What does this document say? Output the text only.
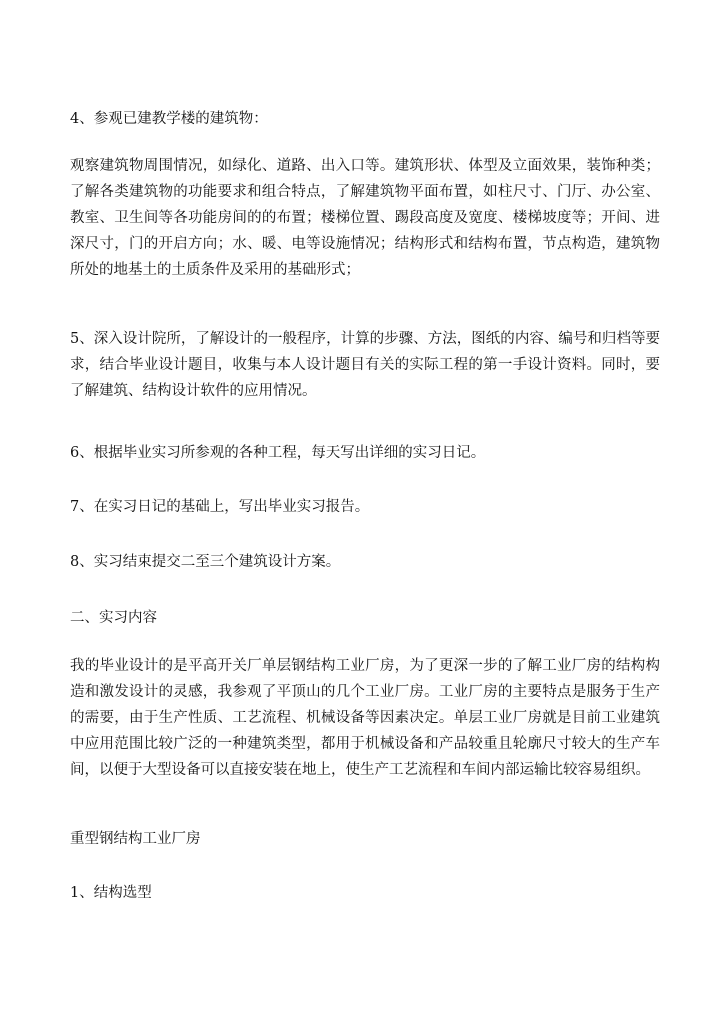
4、参观已建教学楼的建筑物：

观察建筑物周围情况，如绿化、道路、出入口等。建筑形状、体型及立面效果，装饰种类；了解各类建筑物的功能要求和组合特点，了解建筑物平面布置，如柱尺寸、门厅、办公室、教室、卫生间等各功能房间的的布置；楼梯位置、踢段高度及宽度、楼梯坡度等；开间、进深尺寸，门的开启方向；水、暖、电等设施情况；结构形式和结构布置，节点构造，建筑物所处的地基土的土质条件及采用的基础形式；

5、深入设计院所，了解设计的一般程序，计算的步骤、方法，图纸的内容、编号和归档等要求，结合毕业设计题目，收集与本人设计题目有关的实际工程的第一手设计资料。同时，要了解建筑、结构设计软件的应用情况。

6、根据毕业实习所参观的各种工程，每天写出详细的实习日记。

7、在实习日记的基础上，写出毕业实习报告。

8、实习结束提交二至三个建筑设计方案。

二、实习内容

我的毕业设计的是平高开关厂单层钢结构工业厂房，为了更深一步的了解工业厂房的结构构造和激发设计的灵感，我参观了平顶山的几个工业厂房。工业厂房的主要特点是服务于生产的需要，由于生产性质、工艺流程、机械设备等因素决定。单层工业厂房就是目前工业建筑中应用范围比较广泛的一种建筑类型，都用于机械设备和产品较重且轮廓尺寸较大的生产车间，以便于大型设备可以直接安装在地上，使生产工艺流程和车间内部运输比较容易组织。

重型钢结构工业厂房

1、结构选型
